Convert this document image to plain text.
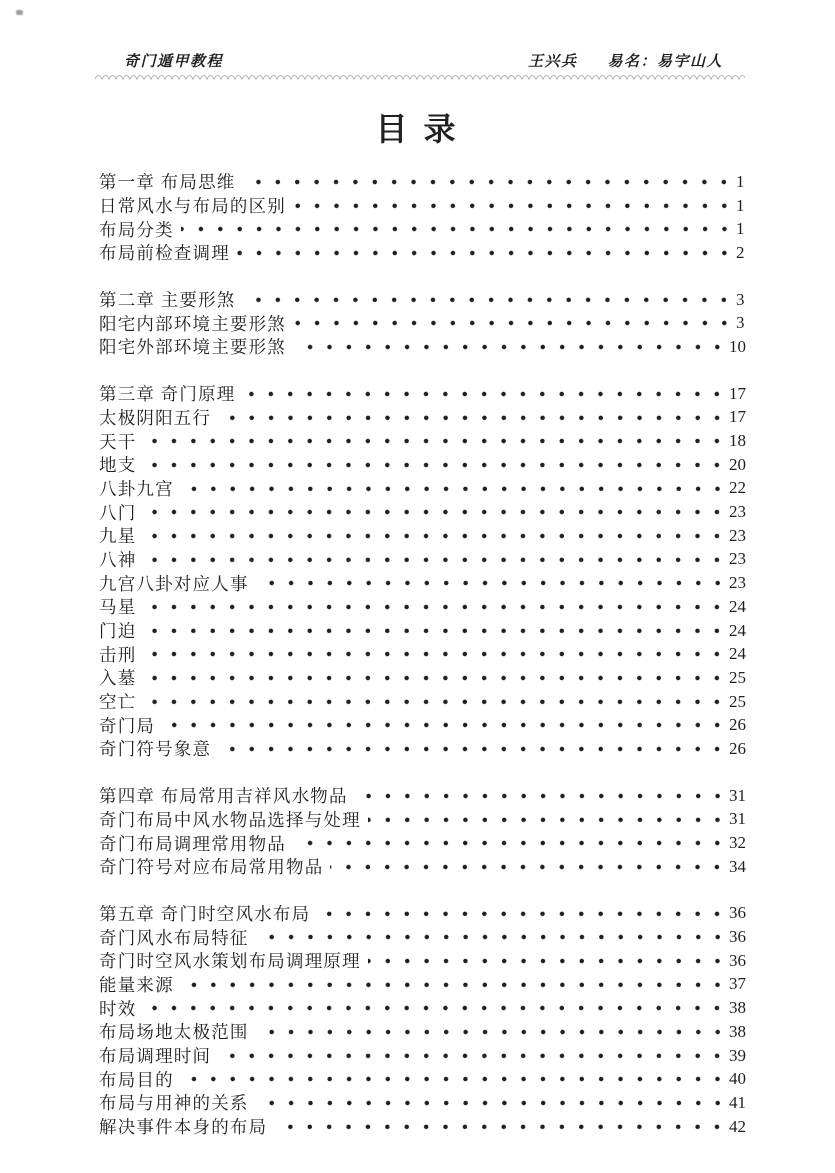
奇门遁甲教程	王兴兵 易名：易宇山人
目 录
第一章 布局思维	1
日常风水与布局的区别	1
布局分类	1
布局前检查调理	2
第二章 主要形煞	3
阳宅内部环境主要形煞	3
阳宅外部环境主要形煞	10
第三章 奇门原理	17
太极阴阳五行	17
天干	18
地支	20
八卦九宫	22
八门	23
九星	23
八神	23
九宫八卦对应人事	23
马星	24
门迫	24
击刑	24
入墓	25
空亡	25
奇门局	26
奇门符号象意	26
第四章 布局常用吉祥风水物品	31
奇门布局中风水物品选择与处理	31
奇门布局调理常用物品	32
奇门符号对应布局常用物品	34
第五章 奇门时空风水布局	36
奇门风水布局特征	36
奇门时空风水策划布局调理原理	36
能量来源	37
时效	38
布局场地太极范围	38
布局调理时间	39
布局目的	40
布局与用神的关系	41
解决事件本身的布局	42
